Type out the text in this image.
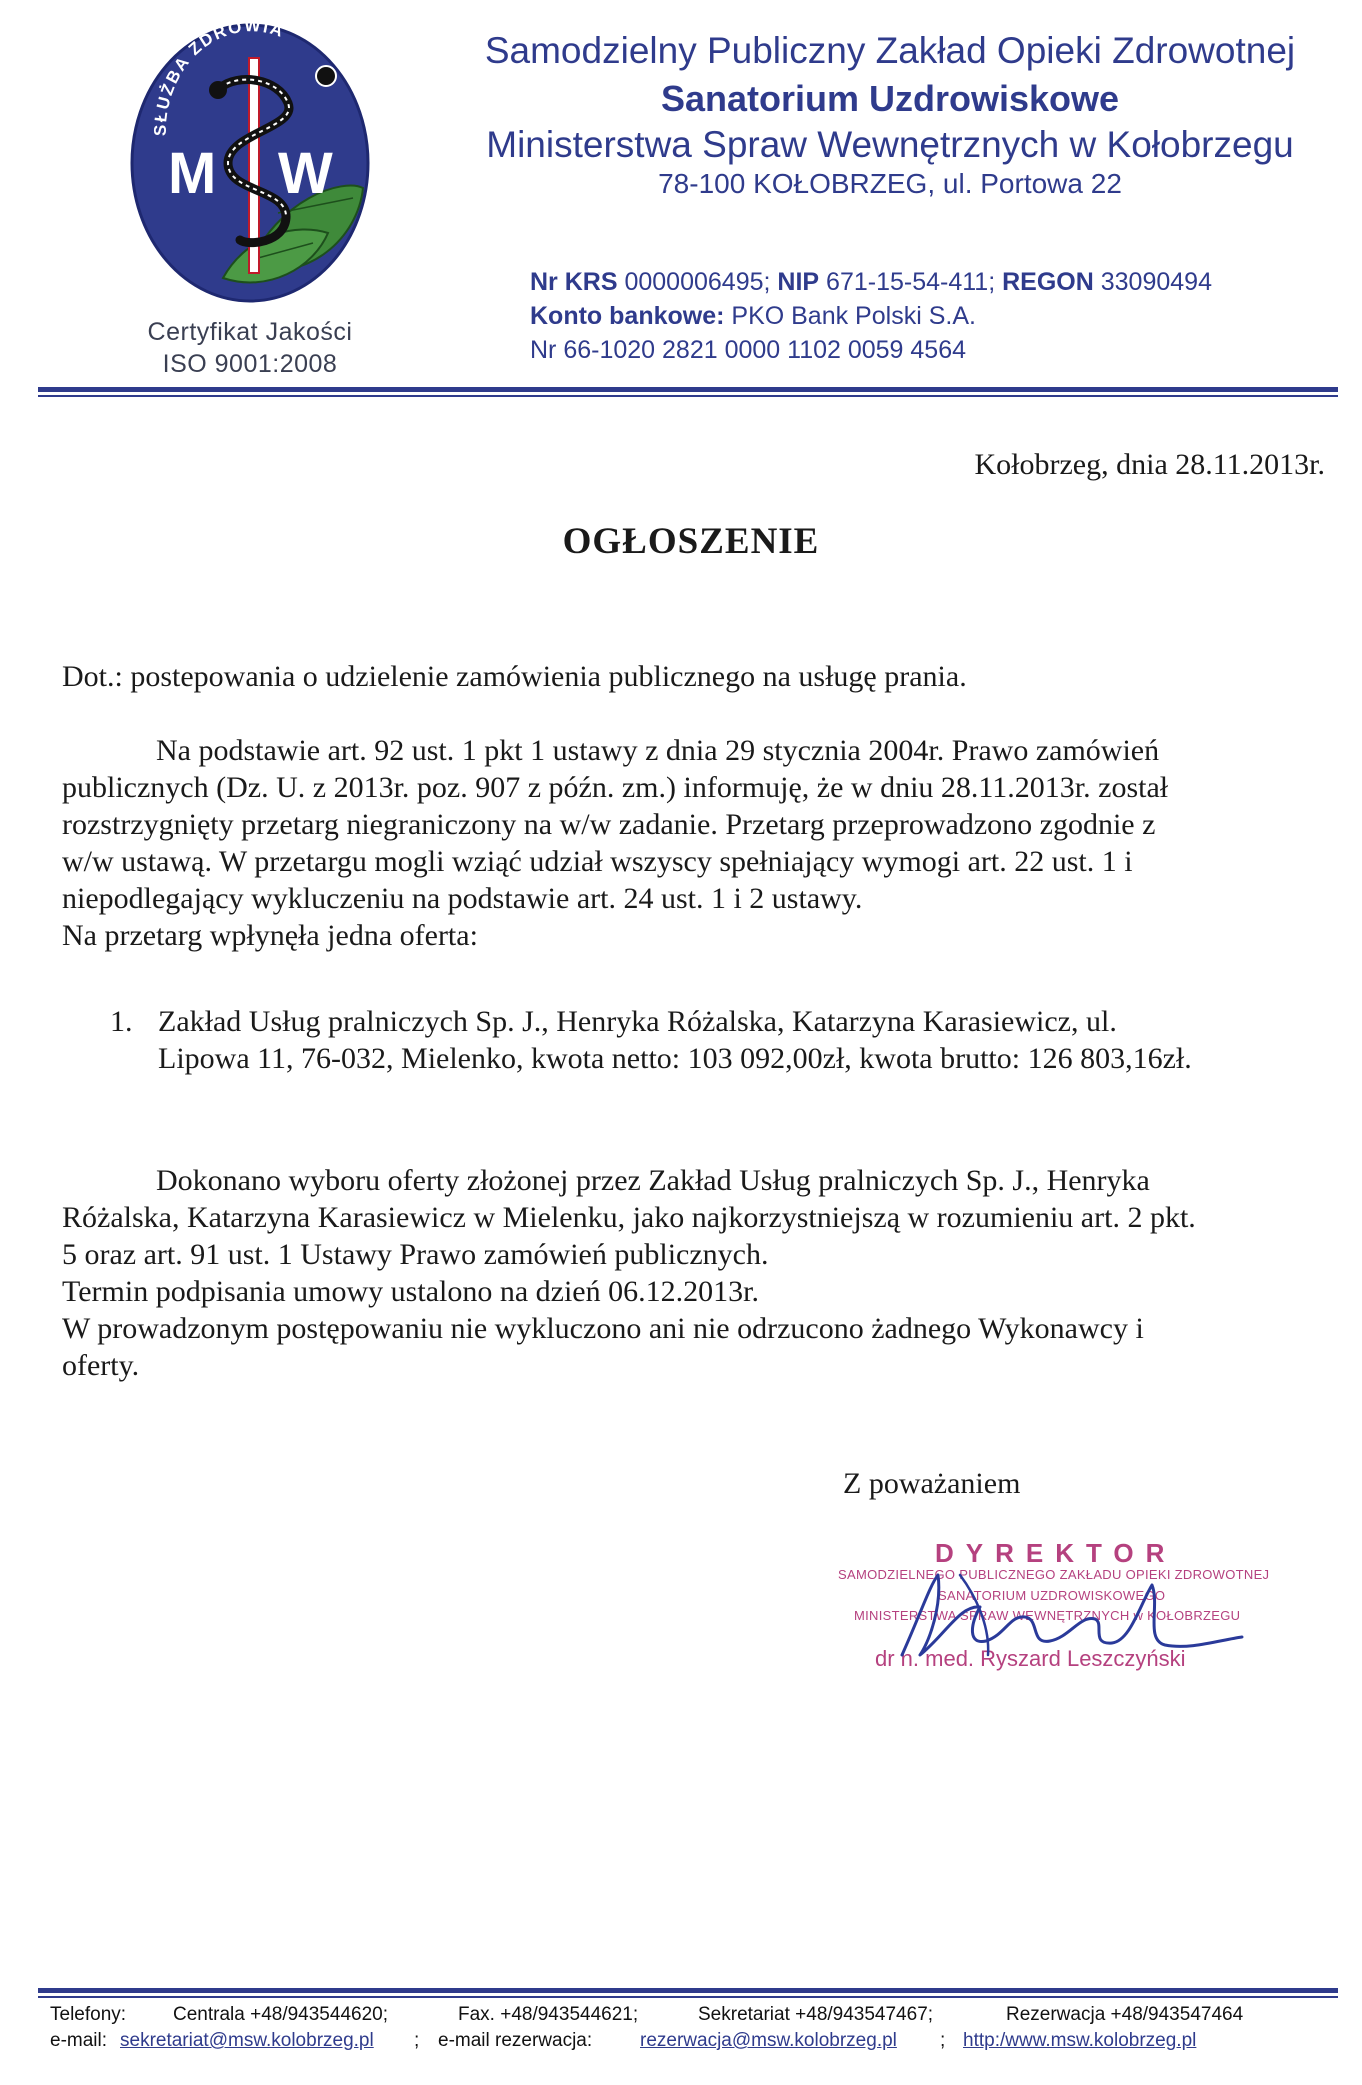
SŁUŻBA ZDROWIA
M W
Certyfikat Jakości
ISO 9001:2008
Samodzielny Publiczny Zakład Opieki Zdrowotnej
Sanatorium Uzdrowiskowe
Ministerstwa Spraw Wewnętrznych w Kołobrzegu
78-100 KOŁOBRZEG, ul. Portowa 22
Nr KRS 0000006495; NIP 671-15-54-411; REGON 33090494
Konto bankowe: PKO Bank Polski S.A.
Nr 66-1020 2821 0000 1102 0059 4564
Kołobrzeg, dnia 28.11.2013r.
OGŁOSZENIE
Dot.: postepowania o udzielenie zamówienia publicznego na usługę prania.
Na podstawie art. 92 ust. 1 pkt 1 ustawy z dnia 29 stycznia 2004r. Prawo zamówień
publicznych (Dz. U. z 2013r. poz. 907 z późn. zm.) informuję, że w dniu 28.11.2013r. został
rozstrzygnięty przetarg niegraniczony na w/w zadanie. Przetarg przeprowadzono zgodnie z
w/w ustawą. W przetargu mogli wziąć udział wszyscy spełniający wymogi art. 22 ust. 1 i
niepodlegający wykluczeniu na podstawie art. 24 ust. 1 i 2 ustawy.
Na przetarg wpłynęła jedna oferta:
1. Zakład Usług pralniczych Sp. J., Henryka Różalska, Katarzyna Karasiewicz, ul.
Lipowa 11, 76-032, Mielenko, kwota netto: 103 092,00zł, kwota brutto: 126 803,16zł.
Dokonano wyboru oferty złożonej przez Zakład Usług pralniczych Sp. J., Henryka
Różalska, Katarzyna Karasiewicz w Mielenku, jako najkorzystniejszą w rozumieniu art. 2 pkt.
5 oraz art. 91 ust. 1 Ustawy Prawo zamówień publicznych.
Termin podpisania umowy ustalono na dzień 06.12.2013r.
W prowadzonym postępowaniu nie wykluczono ani nie odrzucono żadnego Wykonawcy i
oferty.
Z poważaniem
DYREKTOR
SAMODZIELNEGO PUBLICZNEGO ZAKŁADU OPIEKI ZDROWOTNEJ
SANATORIUM UZDROWISKOWEGO
MINISTERSTWA SPRAW WEWNĘTRZNYCH w KOŁOBRZEGU
dr n. med. Ryszard Leszczyński
Telefony: Centrala +48/943544620;	Fax. +48/943544621;	Sekretariat +48/943547467;	Rezerwacja +48/943547464
e-mail: sekretariat@msw.kolobrzeg.pl ; e-mail rezerwacja:	rezerwacja@msw.kolobrzeg.pl ; http:/www.msw.kolobrzeg.pl
